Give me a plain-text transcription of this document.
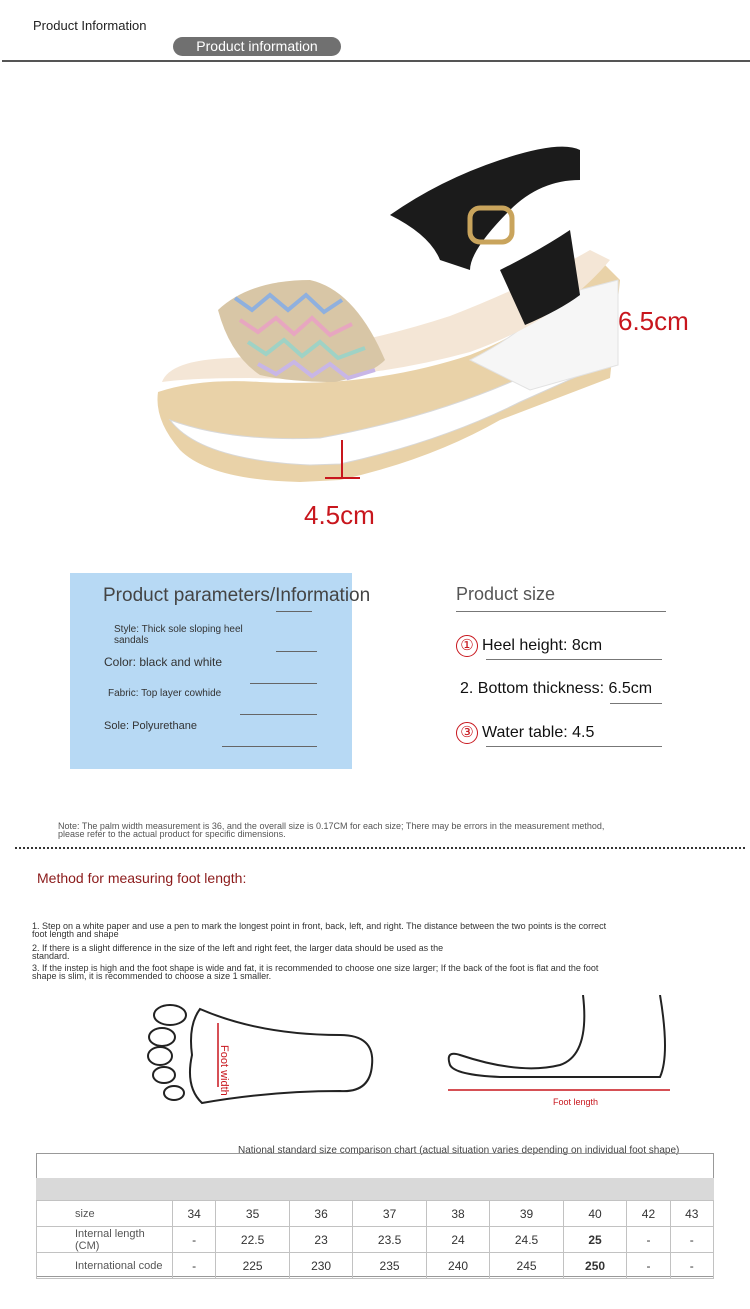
Product Information
Product information
6.5cm
4.5cm
Product parameters/Information
Style: Thick sole sloping heel
sandals
Color: black and white
Fabric: Top layer cowhide
Sole: Polyurethane
Product size
① Heel height: 8cm
2. Bottom thickness: 6.5cm
③ Water table: 4.5
Note: The palm width measurement is 36, and the overall size is 0.17CM for each size; There may be errors in the measurement method,
please refer to the actual product for specific dimensions.
Method for measuring foot length:
1. Step on a white paper and use a pen to mark the longest point in front, back, left, and right. The distance between the two points is the correct
foot length and shape
2. If there is a slight difference in the size of the left and right feet, the larger data should be used as the
standard.
3. If the instep is high and the foot shape is wide and fat, it is recommended to choose one size larger; If the back of the foot is flat and the foot
shape is slim, it is recommended to choose a size 1 smaller.
Foot width
Foot length
National standard size comparison chart (actual situation varies depending on individual foot shape)
size	34	35	36	37	38	39	40	42	43
Internal length (CM)	-	22.5	23	23.5	24	24.5	25	-	-
International code	-	225	230	235	240	245	250	-	-
